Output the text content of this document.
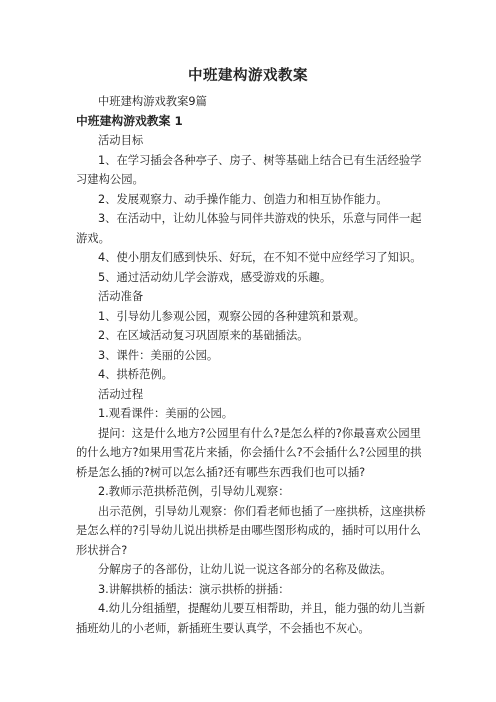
中班建构游戏教案

中班建构游戏教案9篇

中班建构游戏教案 1

活动目标

1、在学习插会各种亭子、房子、树等基础上结合已有生活经验学习建构公园。

2、发展观察力、动手操作能力、创造力和相互协作能力。

3、在活动中，让幼儿体验与同伴共游戏的快乐，乐意与同伴一起游戏。

4、使小朋友们感到快乐、好玩，在不知不觉中应经学习了知识。

5、通过活动幼儿学会游戏，感受游戏的乐趣。

活动准备

1、引导幼儿参观公园，观察公园的各种建筑和景观。

2、在区域活动复习巩固原来的基础插法。

3、课件：美丽的公园。

4、拱桥范例。

活动过程

1.观看课件：美丽的公园。

提问：这是什么地方?公园里有什么?是怎么样的?你最喜欢公园里的什么地方?如果用雪花片来插，你会插什么?不会插什么?公园里的拱桥是怎么插的?树可以怎么插?还有哪些东西我们也可以插?

2.教师示范拱桥范例，引导幼儿观察：

出示范例，引导幼儿观察：你们看老师也插了一座拱桥，这座拱桥是怎么样的?引导幼儿说出拱桥是由哪些图形构成的，插时可以用什么形状拼合?

分解房子的各部份，让幼儿说一说这各部分的名称及做法。

3.讲解拱桥的插法：演示拱桥的拼插：

4.幼儿分组插塑，提醒幼儿要互相帮助，并且，能力强的幼儿当新插班幼儿的小老师，新插班生要认真学，不会插也不灰心。
